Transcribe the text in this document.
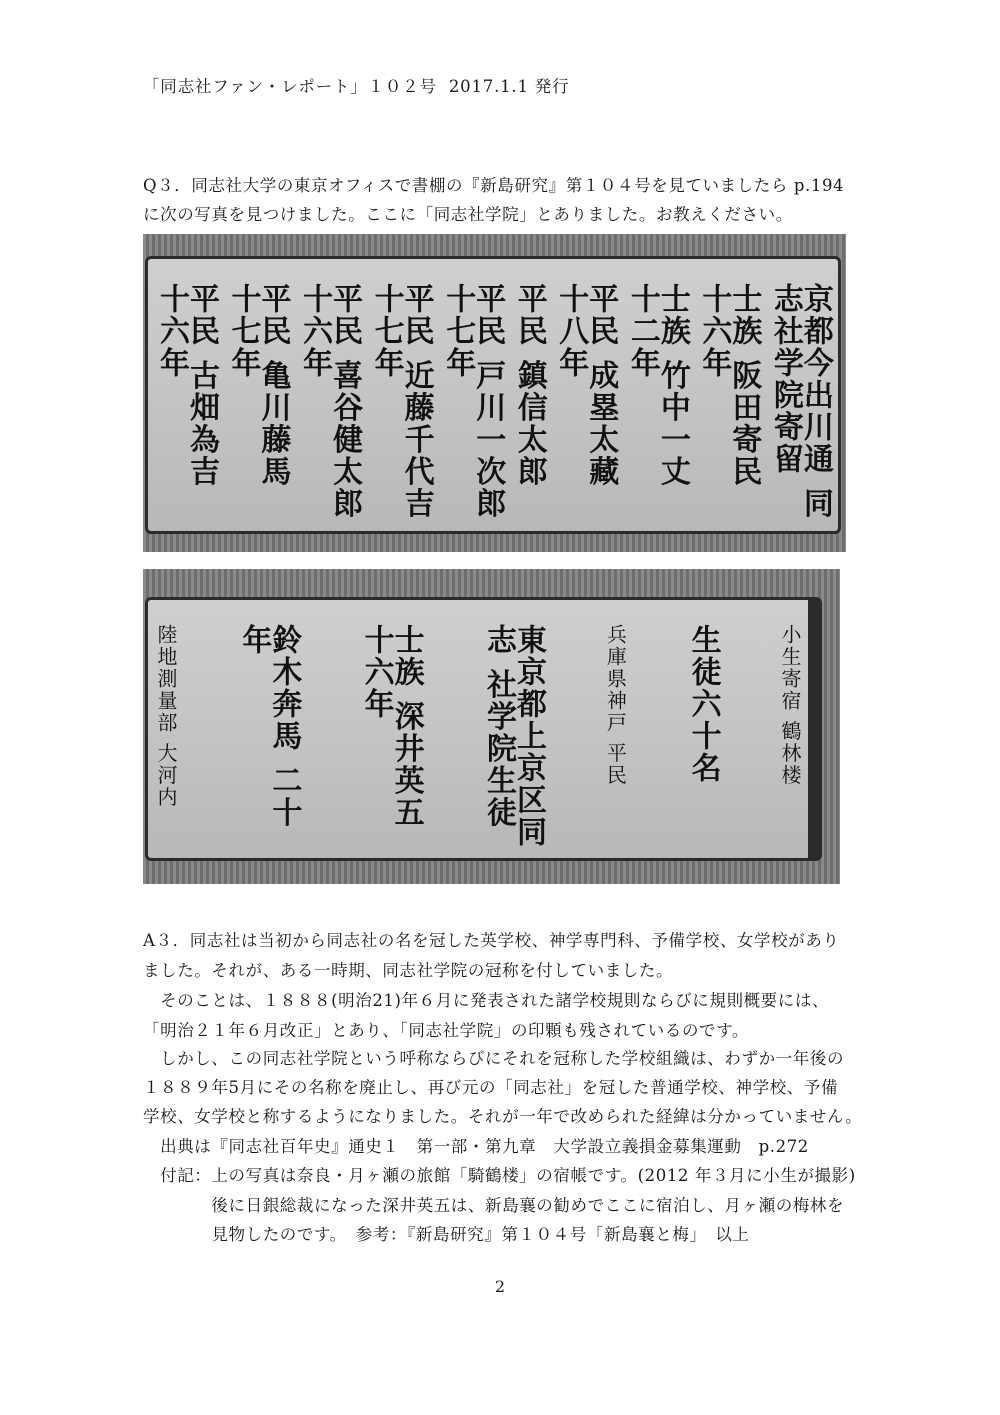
「同志社ファン・レポート」１０２号 2017.1.1 発行
Q３．同志社大学の東京オフィスで書棚の『新島研究』第１０４号を見ていましたら p.194
に次の写真を見つけました。ここに「同志社学院」とありました。お教えください。
京都今出川通 同志社学院寄留
士族 阪田寄民 十六年
士族 竹中一丈 十二年
平民 成塁太藏 十八年
平民 鎮信太郎
平民 戸川一次郎 十七年
平民 近藤千代吉 十七年
平民 喜谷健太郎 十六年
平民 亀川藤馬 十七年
平民 古畑為吉 十六年
小生寄宿 鶴林楼
生徒六十名
兵庫県神戸 平民
東京都上京区同志 社学院生徒
士族 深井英五 十六年
鈴木奔馬 二十年
陸地測量部 大河内
A３．同志社は当初から同志社の名を冠した英学校、神学専門科、予備学校、女学校があり
ました。それが、ある一時期、同志社学院の冠称を付していました。
　そのことは、１８８８(明治21)年６月に発表された諸学校規則ならびに規則概要には、
「明治２１年６月改正」とあり、「同志社学院」の印顆も残されているのです。
　しかし、この同志社学院という呼称ならびにそれを冠称した学校組織は、わずか一年後の
１８８９年5月にその名称を廃止し、再び元の「同志社」を冠した普通学校、神学校、予備
学校、女学校と称するようになりました。それが一年で改められた経緯は分かっていません。
　出典は『同志社百年史』通史１　第一部・第九章　大学設立義損金募集運動　p.272
　付記：上の写真は奈良・月ヶ瀬の旅館「騎鶴楼」の宿帳です。(2012 年３月に小生が撮影)
　　　　後に日銀総裁になった深井英五は、新島襄の勧めでここに宿泊し、月ヶ瀬の梅林を
　　　　見物したのです。　参考：『新島研究』第１０４号「新島襄と梅」　以上
2
